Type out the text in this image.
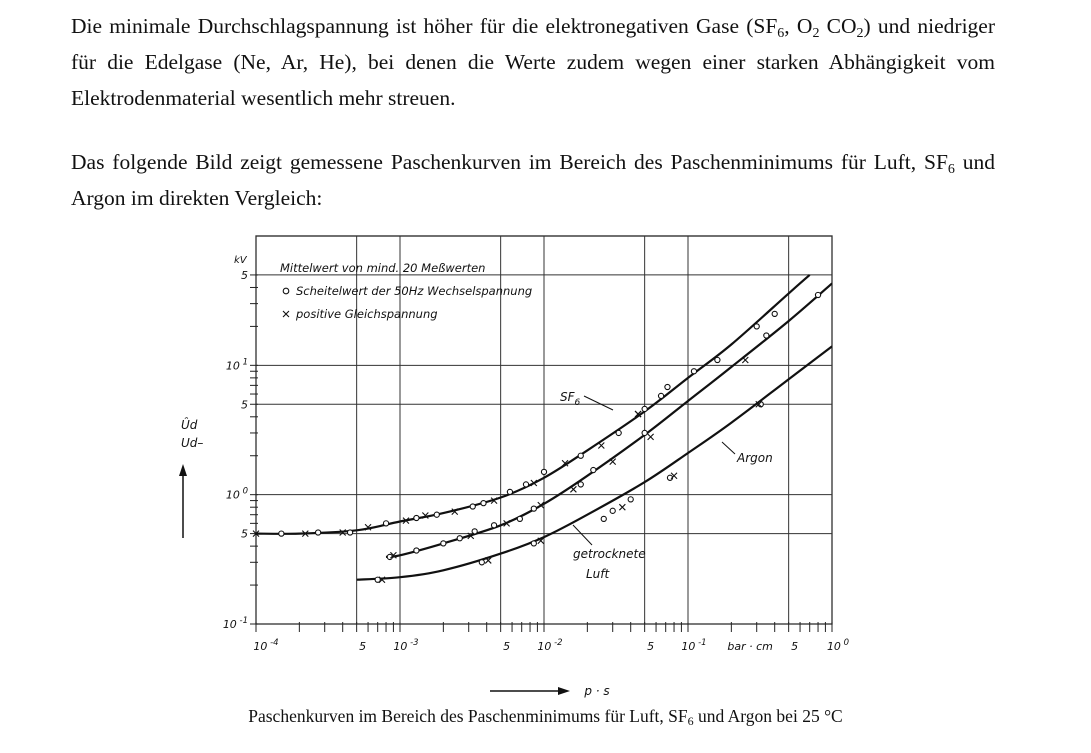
Die minimale Durchschlagspannung ist höher für die elektronegativen Gase ($SF_6$, $O_2$ $CO_2$) und niedriger für die Edelgase (Ne, Ar, He), bei denen die Werte zudem wegen einer starken Abhängigkeit vom Elektrodenmaterial wesentlich mehr streuen.

Das folgende Bild zeigt gemessene Paschenkurven im Bereich des Paschenminimums für Luft, $SF_6$ und Argon im direkten Vergleich:

10 $^{-4}$	5 10 $^{-3}$	5 10 $^{-2}$	5 10 $^{-1}$	5	10 $^0$
10 $^{-1}$
5
10 $^0$
5
10 $^1$
5
kV
bar · cm
Ûd
Ud–
p · s
Mittelwert von mind. 20 Meßwerten
Scheitelwert der 50Hz Wechselspannung
positive Gleichspannung
$SF_6$
Argon
getrocknete
Luft

Paschenkurven im Bereich des Paschenminimums für Luft, $SF_6$ und Argon bei 25 °C
